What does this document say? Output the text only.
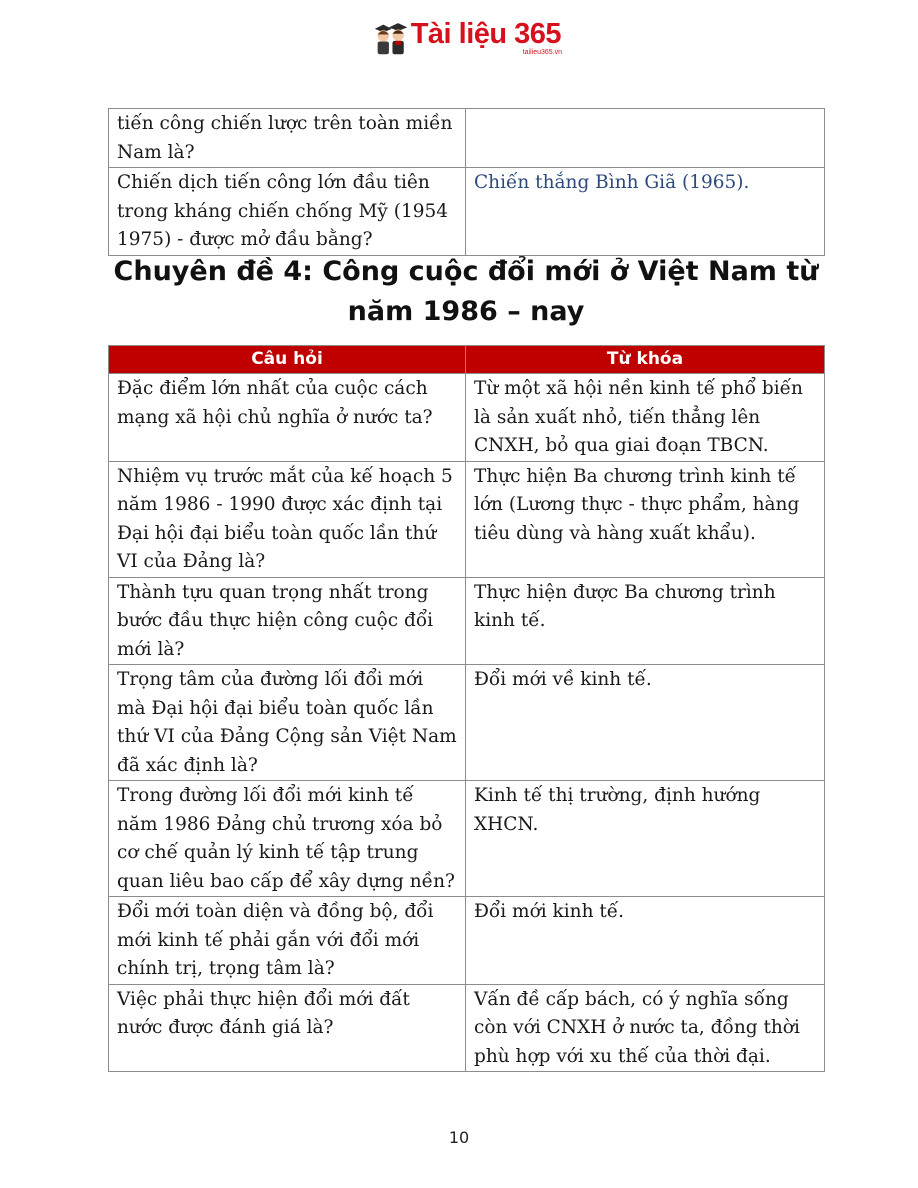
Tài liệu 365
tailieu365.vn
tiến công chiến lược trên toàn miền Nam là?	
Chiến dịch tiến công lớn đầu tiên trong kháng chiến chống Mỹ (1954 1975) - được mở đầu bằng?	Chiến thắng Bình Giã (1965).
Chuyên đề 4: Công cuộc đổi mới ở Việt Nam từ năm 1986 – nay
Câu hỏi	Từ khóa
Đặc điểm lớn nhất của cuộc cách mạng xã hội chủ nghĩa ở nước ta?	Từ một xã hội nền kinh tế phổ biến là sản xuất nhỏ, tiến thẳng lên CNXH, bỏ qua giai đoạn TBCN.
Nhiệm vụ trước mắt của kế hoạch 5 năm 1986 - 1990 được xác định tại Đại hội đại biểu toàn quốc lần thứ VI của Đảng là?	Thực hiện Ba chương trình kinh tế lớn (Lương thực - thực phẩm, hàng tiêu dùng và hàng xuất khẩu).
Thành tựu quan trọng nhất trong bước đầu thực hiện công cuộc đổi mới là?	Thực hiện được Ba chương trình kinh tế.
Trọng tâm của đường lối đổi mới mà Đại hội đại biểu toàn quốc lần thứ VI của Đảng Cộng sản Việt Nam đã xác định là?	Đổi mới về kinh tế.
Trong đường lối đổi mới kinh tế năm 1986 Đảng chủ trương xóa bỏ cơ chế quản lý kinh tế tập trung quan liêu bao cấp để xây dựng nền?	Kinh tế thị trường, định hướng XHCN.
Đổi mới toàn diện và đồng bộ, đổi mới kinh tế phải gắn với đổi mới chính trị, trọng tâm là?	Đổi mới kinh tế.
Việc phải thực hiện đổi mới đất nước được đánh giá là?	Vấn đề cấp bách, có ý nghĩa sống còn với CNXH ở nước ta, đồng thời phù hợp với xu thế của thời đại.
10
